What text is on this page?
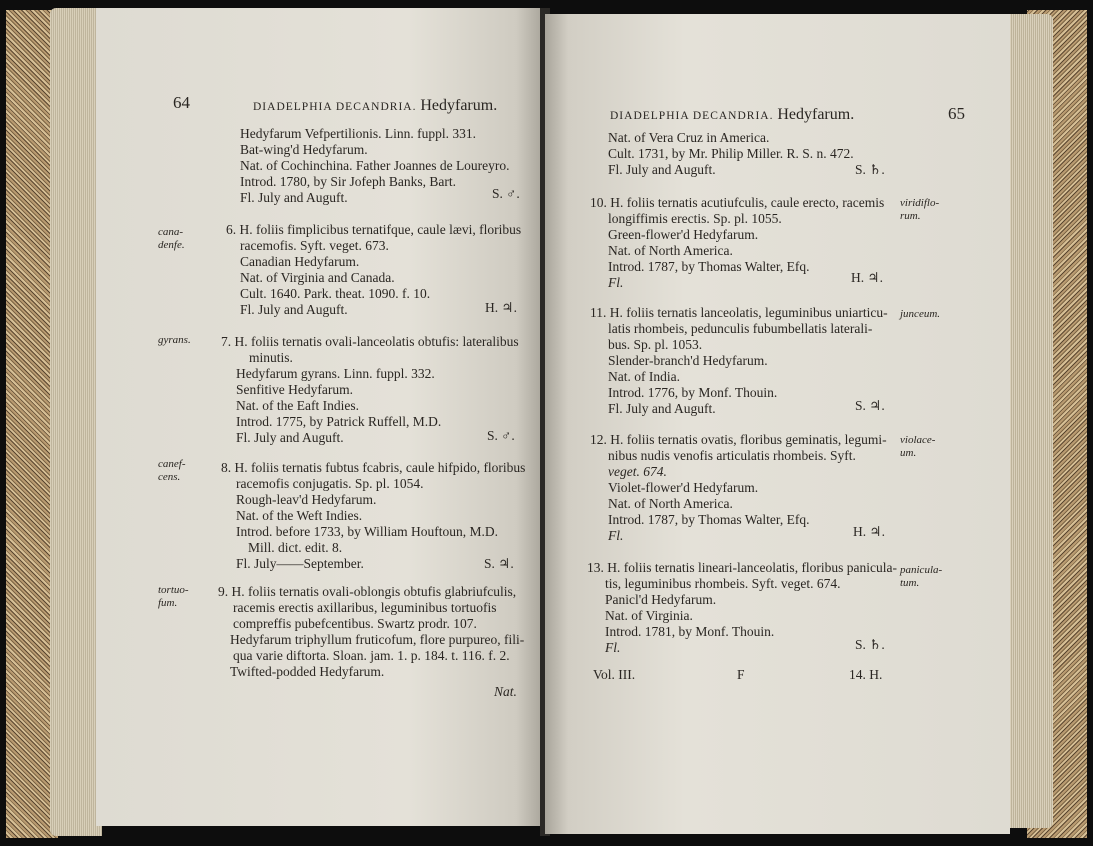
64	DIADELPHIA DECANDRIA. Hedyfarum.
Hedyfarum Vefpertilionis. Linn. fuppl. 331.
Bat-wing'd Hedyfarum.
Nat. of Cochinchina. Father Joannes de Loureyro.
Introd. 1780, by Sir Jofeph Banks, Bart.
Fl. July and Auguft.	S. ♂.
6. H. foliis fimplicibus ternatifque, caule lævi, floribus
racemofis. Syft. veget. 673.
Canadian Hedyfarum.
Nat. of Virginia and Canada.
Cult. 1640. Park. theat. 1090. f. 10.
Fl. July and Auguft.	H. ♃.
7. H. foliis ternatis ovali-lanceolatis obtufis: lateralibus
minutis.
Hedyfarum gyrans. Linn. fuppl. 332.
Senfitive Hedyfarum.
Nat. of the Eaft Indies.
Introd. 1775, by Patrick Ruffell, M.D.
Fl. July and Auguft.	S. ♂.
8. H. foliis ternatis fubtus fcabris, caule hifpido, floribus
racemofis conjugatis. Sp. pl. 1054.
Rough-leav'd Hedyfarum.
Nat. of the Weft Indies.
Introd. before 1733, by William Houftoun, M.D.
Mill. dict. edit. 8.
Fl. July——September.	S. ♃.
9. H. foliis ternatis ovali-oblongis obtufis glabriufculis,
racemis erectis axillaribus, leguminibus tortuofis
compreffis pubefcentibus. Swartz prodr. 107.
Hedyfarum triphyllum fruticofum, flore purpureo, fili-
qua varie diftorta. Sloan. jam. 1. p. 184. t. 116. f. 2.
Twifted-podded Hedyfarum.
Nat.
cana-
denfe.
gyrans.
canef-
cens.
tortuo-
fum.
DIADELPHIA DECANDRIA. Hedyfarum.	65
Nat. of Vera Cruz in America.
Cult. 1731, by Mr. Philip Miller. R. S. n. 472.
Fl. July and Auguft.	S. ♄.
10. H. foliis ternatis acutiufculis, caule erecto, racemis
longiffimis erectis. Sp. pl. 1055.
Green-flower'd Hedyfarum.
Nat. of North America.
Introd. 1787, by Thomas Walter, Efq.
Fl.	H. ♃.
11. H. foliis ternatis lanceolatis, leguminibus uniarticu-
latis rhombeis, pedunculis fubumbellatis laterali-
bus. Sp. pl. 1053.
Slender-branch'd Hedyfarum.
Nat. of India.
Introd. 1776, by Monf. Thouin.
Fl. July and Auguft.	S. ♃.
12. H. foliis ternatis ovatis, floribus geminatis, legumi-
nibus nudis venofis articulatis rhombeis. Syft.
veget. 674.
Violet-flower'd Hedyfarum.
Nat. of North America.
Introd. 1787, by Thomas Walter, Efq.
Fl.	H. ♃.
13. H. foliis ternatis lineari-lanceolatis, floribus panicula-
tis, leguminibus rhombeis. Syft. veget. 674.
Panicl'd Hedyfarum.
Nat. of Virginia.
Introd. 1781, by Monf. Thouin.
Fl.	S. ♄.
Vol. III.	F	14. H.
viridiflo-
rum.
junceum.
violace-
um.
panicula-
tum.
